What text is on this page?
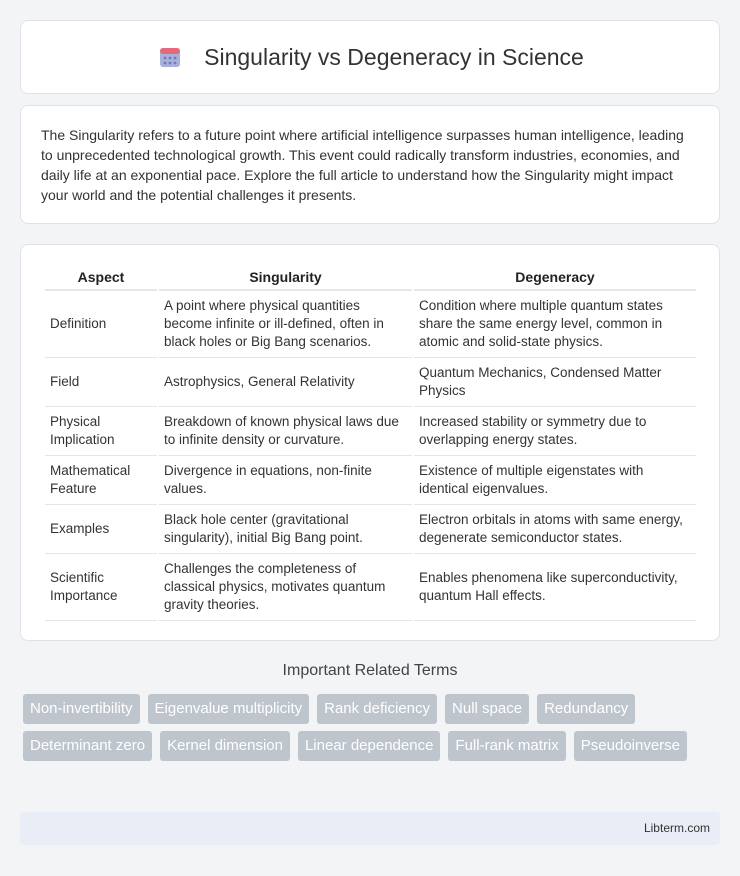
Singularity vs Degeneracy in Science

The Singularity refers to a future point where artificial intelligence surpasses human intelligence, leading to unprecedented technological growth. This event could radically transform industries, economies, and daily life at an exponential pace. Explore the full article to understand how the Singularity might impact your world and the potential challenges it presents.

Aspect	Singularity	Degeneracy
Definition	A point where physical quantities become infinite or ill-defined, often in black holes or Big Bang scenarios.	Condition where multiple quantum states share the same energy level, common in atomic and solid-state physics.
Field	Astrophysics, General Relativity	Quantum Mechanics, Condensed Matter Physics
Physical Implication	Breakdown of known physical laws due to infinite density or curvature.	Increased stability or symmetry due to overlapping energy states.
Mathematical Feature	Divergence in equations, non-finite values.	Existence of multiple eigenstates with identical eigenvalues.
Examples	Black hole center (gravitational singularity), initial Big Bang point.	Electron orbitals in atoms with same energy, degenerate semiconductor states.
Scientific Importance	Challenges the completeness of classical physics, motivates quantum gravity theories.	Enables phenomena like superconductivity, quantum Hall effects.
Important Related Terms
Non-invertibility	Eigenvalue multiplicity	Rank deficiency	Null space	Redundancy
Determinant zero	Kernel dimension	Linear dependence	Full-rank matrix	Pseudoinverse
Libterm.com
